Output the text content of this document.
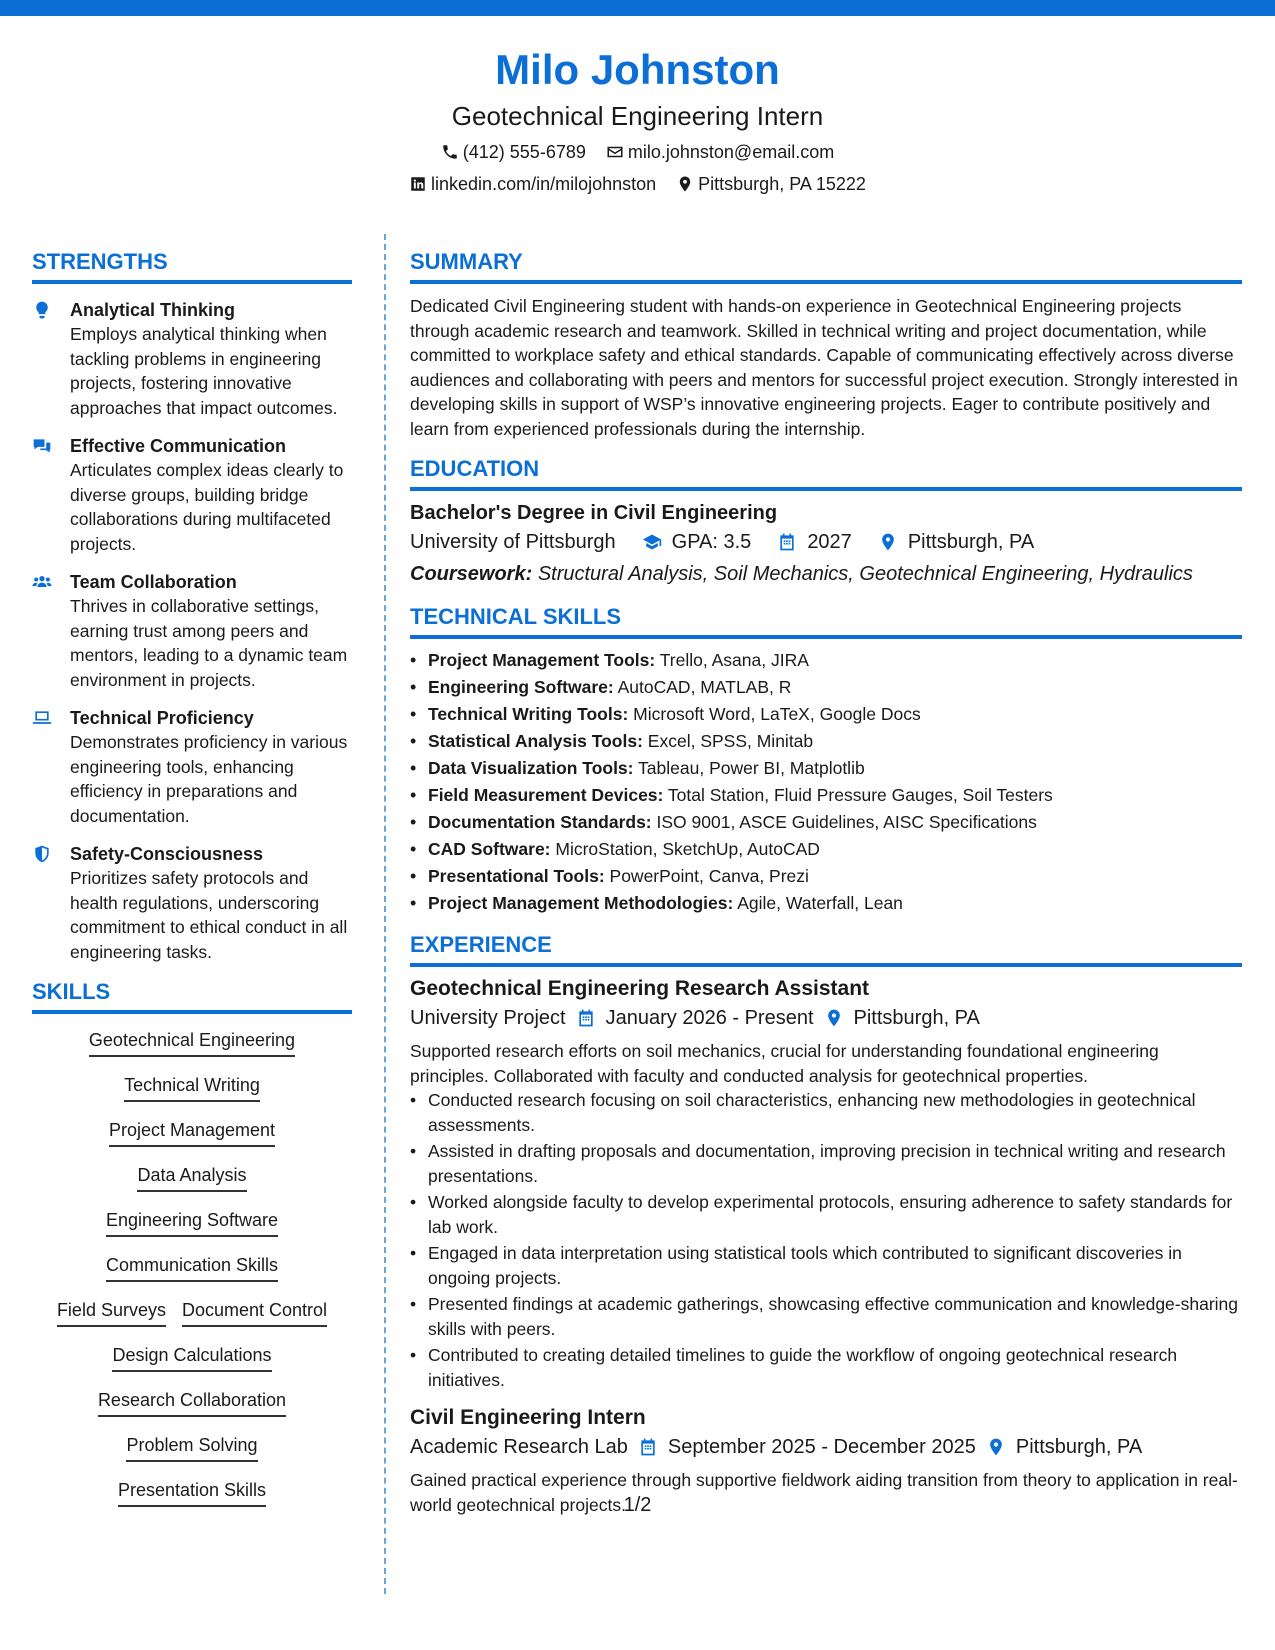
Milo Johnston
Geotechnical Engineering Intern
(412) 555-6789 milo.johnston@email.com
linkedin.com/in/milojohnston Pittsburgh, PA 15222
STRENGTHS
Analytical Thinking
Employs analytical thinking when tackling problems in engineering projects, fostering innovative approaches that impact outcomes.
Effective Communication
Articulates complex ideas clearly to diverse groups, building bridge collaborations during multifaceted projects.
Team Collaboration
Thrives in collaborative settings, earning trust among peers and mentors, leading to a dynamic team environment in projects.
Technical Proficiency
Demonstrates proficiency in various engineering tools, enhancing efficiency in preparations and documentation.
Safety-Consciousness
Prioritizes safety protocols and health regulations, underscoring commitment to ethical conduct in all engineering tasks.
SKILLS
Geotechnical Engineering
Technical Writing
Project Management
Data Analysis
Engineering Software
Communication Skills
Field Surveys Document Control
Design Calculations
Research Collaboration
Problem Solving
Presentation Skills
SUMMARY
Dedicated Civil Engineering student with hands-on experience in Geotechnical Engineering projects through academic research and teamwork. Skilled in technical writing and project documentation, while committed to workplace safety and ethical standards. Capable of communicating effectively across diverse audiences and collaborating with peers and mentors for successful project execution. Strongly interested in developing skills in support of WSP’s innovative engineering projects. Eager to contribute positively and learn from experienced professionals during the internship.
EDUCATION
Bachelor's Degree in Civil Engineering
University of Pittsburgh	GPA: 3.5	2027	Pittsburgh, PA
Coursework: Structural Analysis, Soil Mechanics, Geotechnical Engineering, Hydraulics
TECHNICAL SKILLS
• Project Management Tools: Trello, Asana, JIRA
• Engineering Software: AutoCAD, MATLAB, R
• Technical Writing Tools: Microsoft Word, LaTeX, Google Docs
• Statistical Analysis Tools: Excel, SPSS, Minitab
• Data Visualization Tools: Tableau, Power BI, Matplotlib
• Field Measurement Devices: Total Station, Fluid Pressure Gauges, Soil Testers
• Documentation Standards: ISO 9001, ASCE Guidelines, AISC Specifications
• CAD Software: MicroStation, SketchUp, AutoCAD
• Presentational Tools: PowerPoint, Canva, Prezi
• Project Management Methodologies: Agile, Waterfall, Lean
EXPERIENCE
Geotechnical Engineering Research Assistant
University Project January 2026 - Present Pittsburgh, PA
Supported research efforts on soil mechanics, crucial for understanding foundational engineering principles. Collaborated with faculty and conducted analysis for geotechnical properties.
• Conducted research focusing on soil characteristics, enhancing new methodologies in geotechnical assessments.
• Assisted in drafting proposals and documentation, improving precision in technical writing and research presentations.
• Worked alongside faculty to develop experimental protocols, ensuring adherence to safety standards for lab work.
• Engaged in data interpretation using statistical tools which contributed to significant discoveries in ongoing projects.
• Presented findings at academic gatherings, showcasing effective communication and knowledge-sharing skills with peers.
• Contributed to creating detailed timelines to guide the workflow of ongoing geotechnical research initiatives.
Civil Engineering Intern
Academic Research Lab September 2025 - December 2025 Pittsburgh, PA
Gained practical experience through supportive fieldwork aiding transition from theory to application in real-world geotechnical projects.
1/2
